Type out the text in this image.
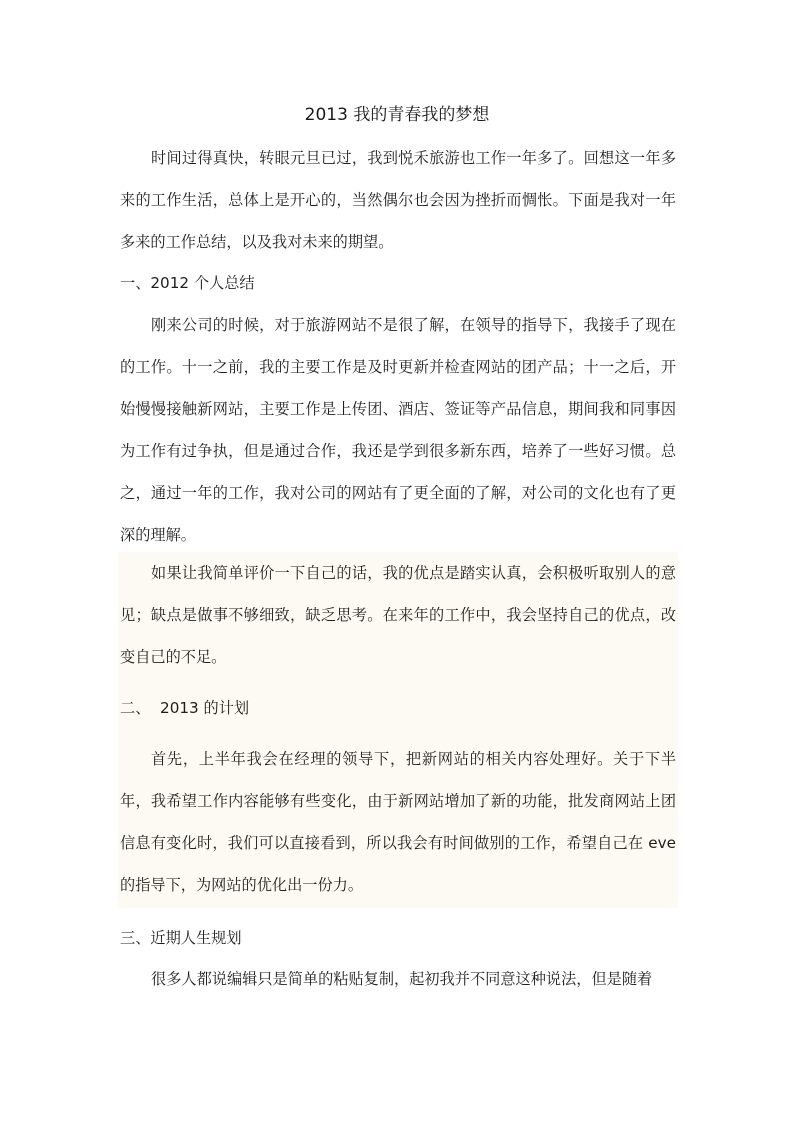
2013 我的青春我的梦想

时间过得真快，转眼元旦已过，我到悦禾旅游也工作一年多了。回想这一年多来的工作生活，总体上是开心的，当然偶尔也会因为挫折而惆怅。下面是我对一年多来的工作总结，以及我对未来的期望。

一、2012 个人总结

刚来公司的时候，对于旅游网站不是很了解，在领导的指导下，我接手了现在的工作。十一之前，我的主要工作是及时更新并检查网站的团产品；十一之后，开始慢慢接触新网站，主要工作是上传团、酒店、签证等产品信息，期间我和同事因为工作有过争执，但是通过合作，我还是学到很多新东西，培养了一些好习惯。总之，通过一年的工作，我对公司的网站有了更全面的了解，对公司的文化也有了更深的理解。

如果让我简单评价一下自己的话，我的优点是踏实认真，会积极听取别人的意见；缺点是做事不够细致，缺乏思考。在来年的工作中，我会坚持自己的优点，改变自己的不足。

二、  2013 的计划

首先，上半年我会在经理的领导下，把新网站的相关内容处理好。关于下半年，我希望工作内容能够有些变化，由于新网站增加了新的功能，批发商网站上团信息有变化时，我们可以直接看到，所以我会有时间做别的工作，希望自己在 eve 的指导下，为网站的优化出一份力。

三、近期人生规划

很多人都说编辑只是简单的粘贴复制，起初我并不同意这种说法，但是随着
